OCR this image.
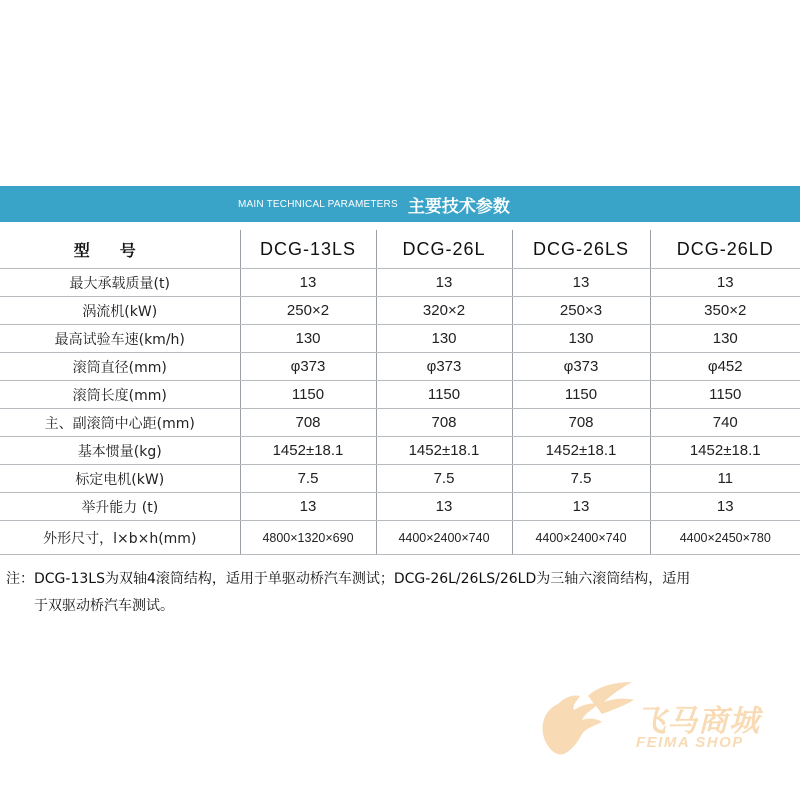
MAIN TECHNICAL PARAMETERS 主要技术参数
型号	DCG-13LS	DCG-26L	DCG-26LS	DCG-26LD
最大承载质量(t)	13	13	13	13
涡流机(kW)	250×2	320×2	250×3	350×2
最高试验车速(km/h)	130	130	130	130
滚筒直径(mm)	φ373	φ373	φ373	φ452
滚筒长度(mm)	1150	1150	1150	1150
主、副滚筒中心距(mm)	708	708	708	740
基本惯量(kg)	1452±18.1	1452±18.1	1452±18.1	1452±18.1
标定电机(kW)	7.5	7.5	7.5	11
举升能力 (t)	13	13	13	13
外形尺寸，l×b×h(mm)	4800×1320×690	4400×2400×740	4400×2400×740	4400×2450×780
注：DCG-13LS为双轴4滚筒结构，适用于单驱动桥汽车测试；DCG-26L/26LS/26LD为三轴六滚筒结构，适用
于双驱动桥汽车测试。
飞马商城
FEIMA SHOP
